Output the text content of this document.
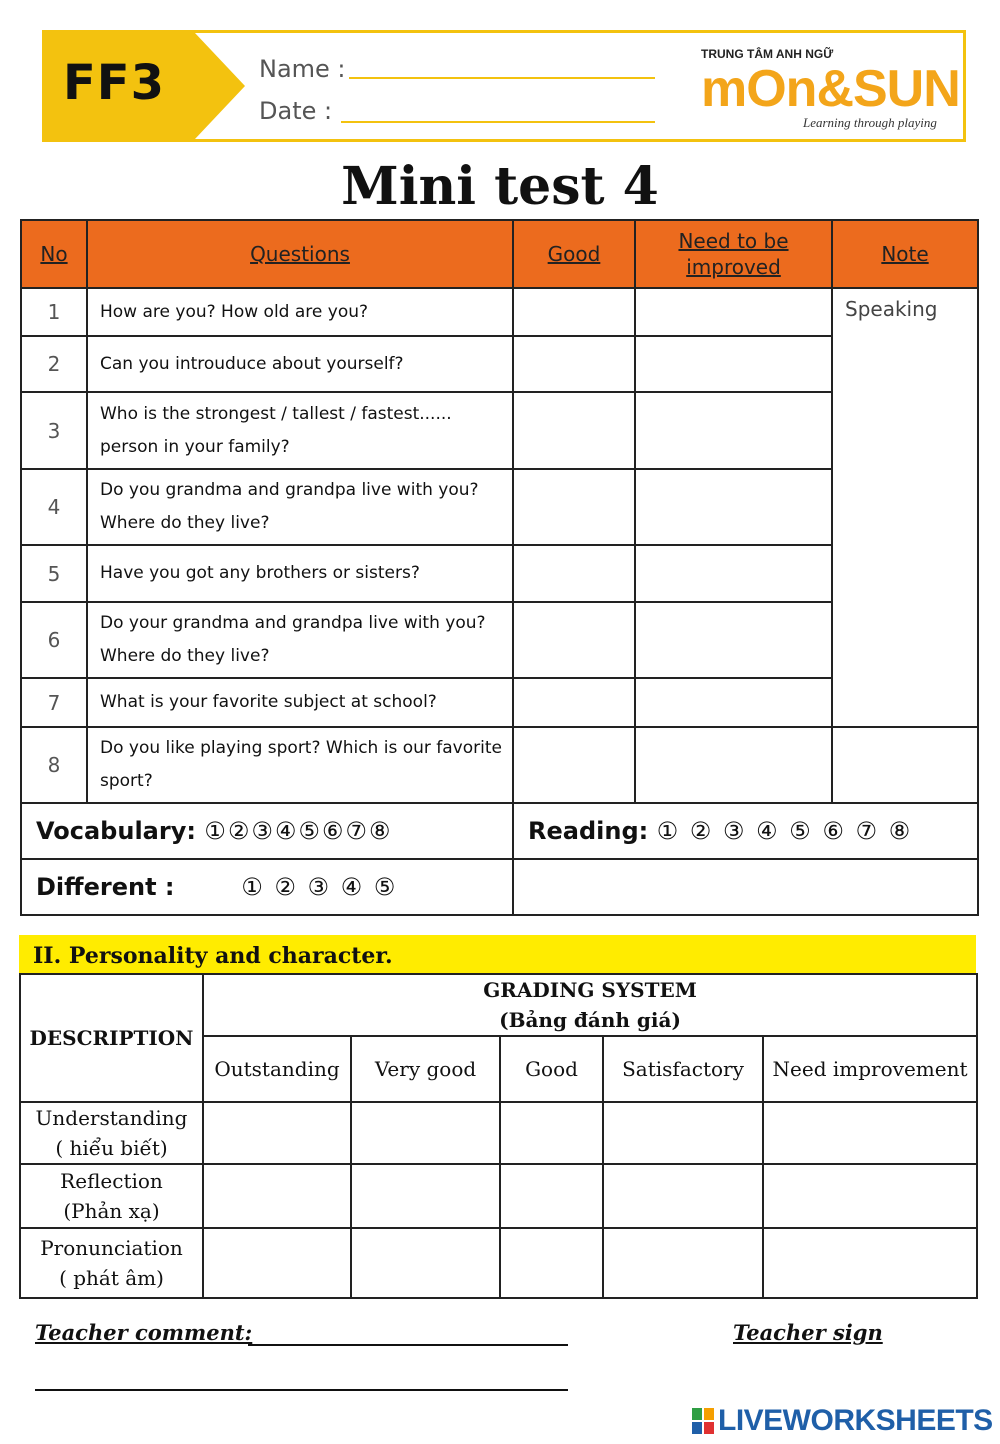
FF3	Name :
Date :
TRUNG TÂM ANH NGỮ
mOn&SUN
Learning through playing
Mini test 4
No	Questions	Good	Need to be improved	Note
1	How are you? How old are you?			Speaking
2	Can you introuduce about yourself?			
3	Who is the strongest / tallest / fastest...... person in your family?			
4	Do you grandma and grandpa live with you? Where do they live?			
5	Have you got any brothers or sisters?			
6	Do your grandma and grandpa live with you? Where do they live?			
7	What is your favorite subject at school?			
8	Do you like playing sport? Which is our favorite sport?			
Vocabulary: ①②③④⑤⑥⑦⑧		Reading: ① ② ③ ④ ⑤ ⑥ ⑦ ⑧		
Different : ① ② ③ ④ ⑤				
II. Personality and character.
DESCRIPTION	GRADING SYSTEM
(Bảng đánh giá)				

	Outstanding	Very good	Good	Satisfactory	Need improvement

Understanding
( hiểu biết)					

Reflection
(Phản xạ)					

Pronunciation
( phát âm)					

Teacher comment:	Teacher sign
LIVEWORKSHEETS
